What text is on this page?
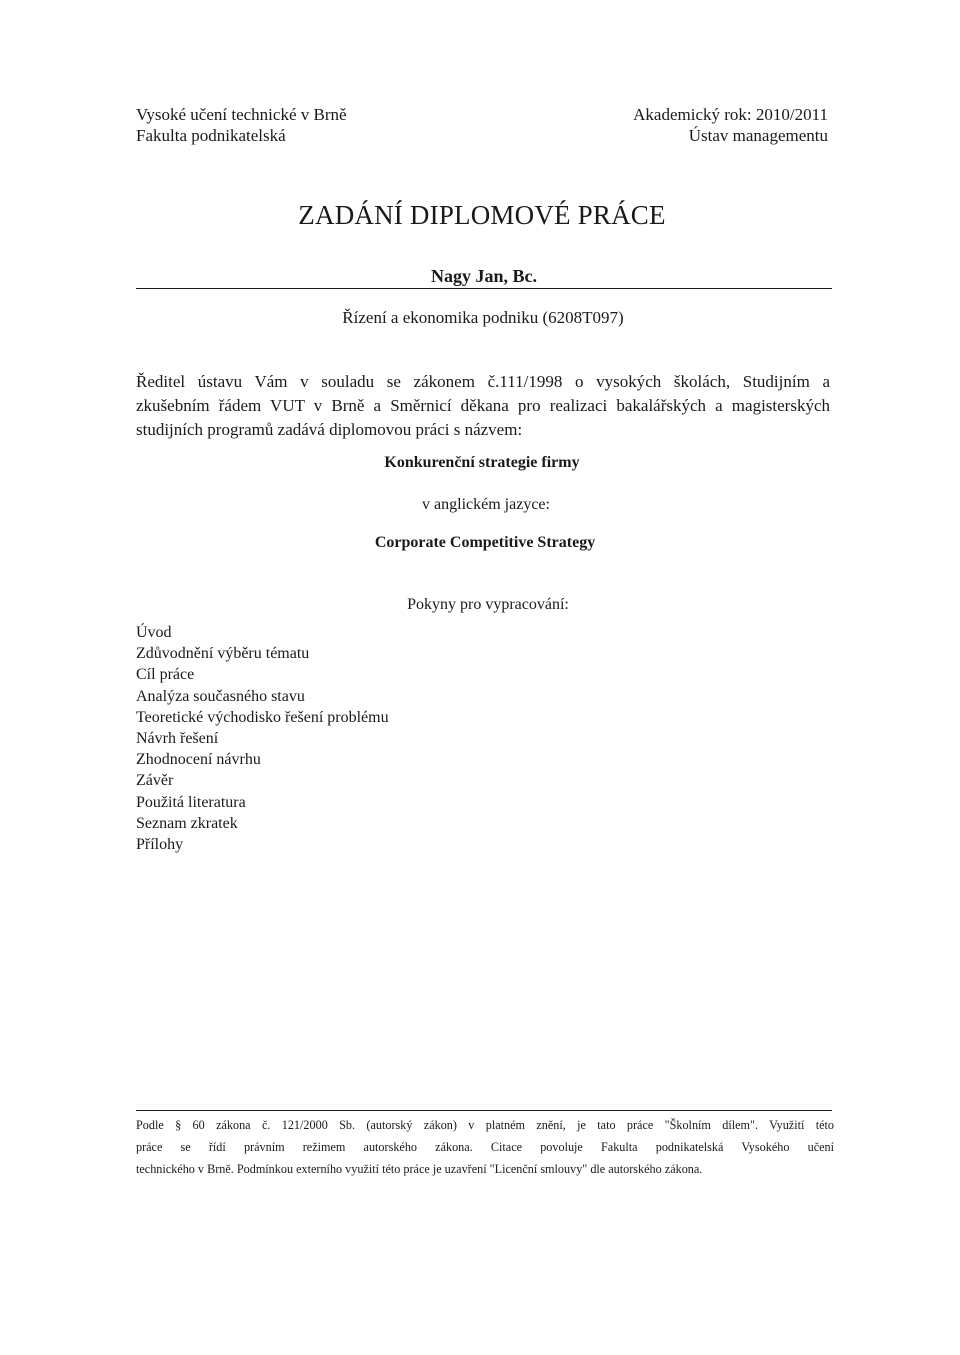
Vysoké učení technické v Brně
Fakulta podnikatelská
Akademický rok: 2010/2011
Ústav managementu
ZADÁNÍ DIPLOMOVÉ PRÁCE
Nagy Jan, Bc.
Řízení a ekonomika podniku (6208T097)
Ředitel ústavu Vám v souladu se zákonem č.111/1998 o vysokých školách, Studijním a
zkušebním řádem VUT v Brně a Směrnicí děkana pro realizaci bakalářských a magisterských
studijních programů zadává diplomovou práci s názvem:
Konkurenční strategie firmy
v anglickém jazyce:
Corporate Competitive Strategy
Pokyny pro vypracování:
Úvod
Zdůvodnění výběru tématu
Cíl práce
Analýza současného stavu
Teoretické východisko řešení problému
Návrh řešení
Zhodnocení návrhu
Závěr
Použitá literatura
Seznam zkratek
Přílohy
Podle § 60 zákona č. 121/2000 Sb. (autorský zákon) v platném znění, je tato práce "Školním dílem". Využití této
práce se řídí právním režimem autorského zákona. Citace povoluje Fakulta podnikatelská Vysokého učení
technického v Brně. Podmínkou externího využití této práce je uzavření "Licenční smlouvy" dle autorského zákona.
